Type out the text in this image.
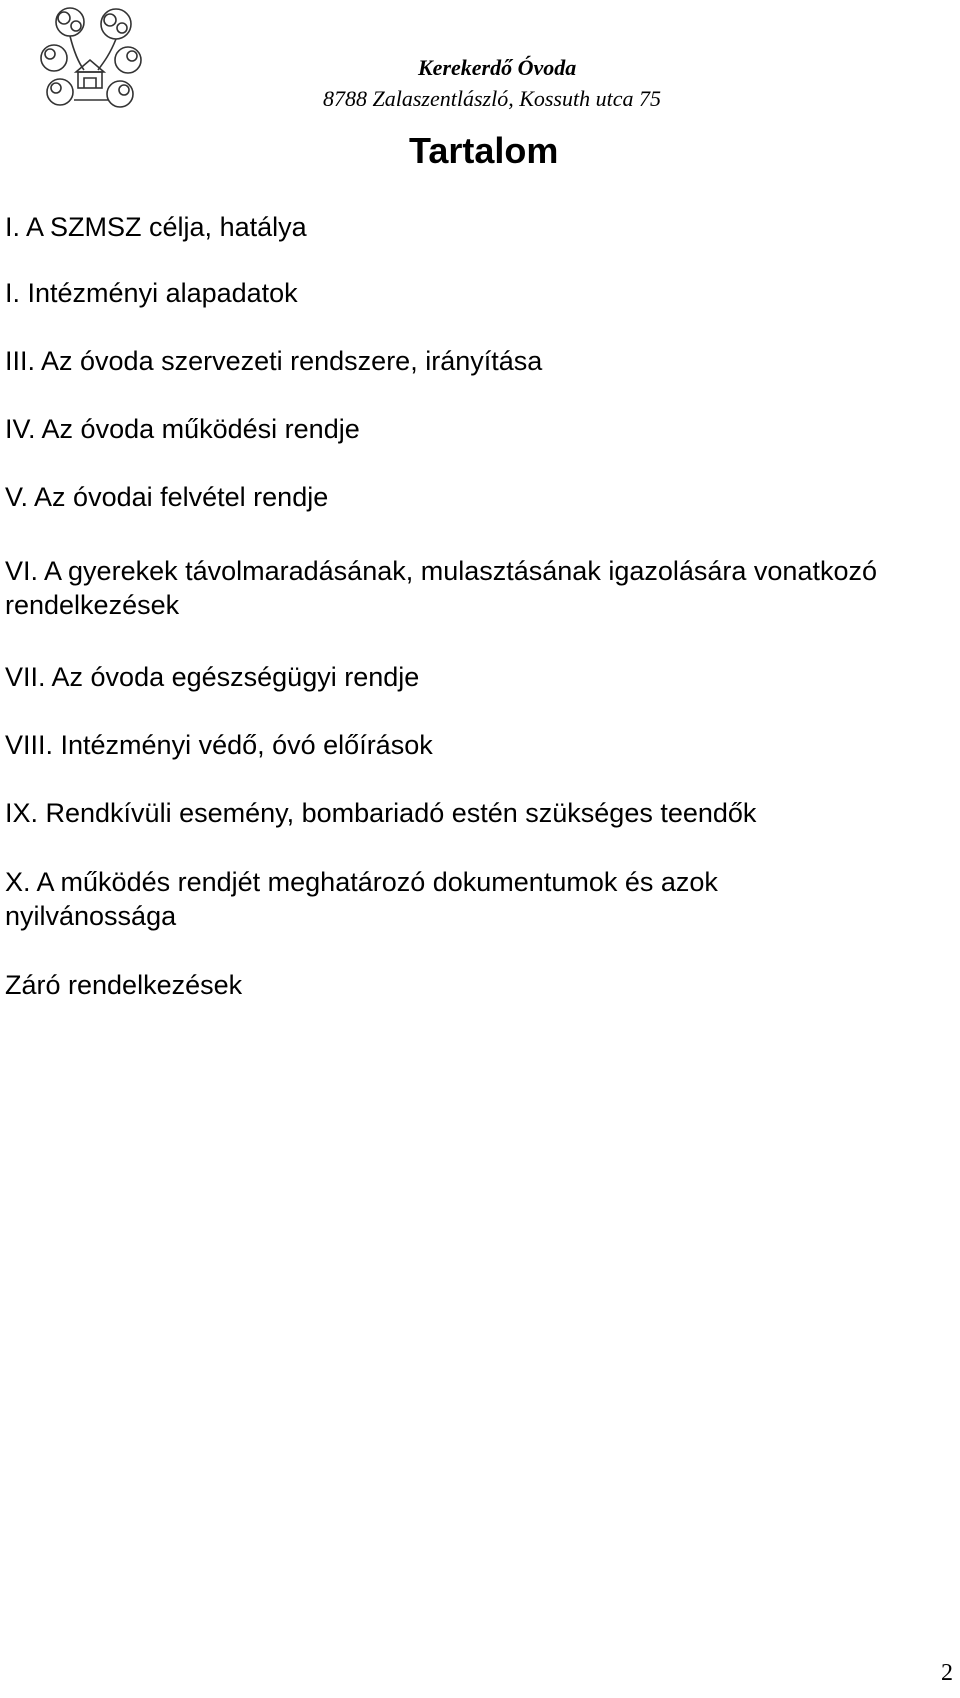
Kerekerdő Óvoda
8788 Zalaszentlászló, Kossuth utca 75
Tartalom
I. A SZMSZ célja, hatálya
I. Intézményi alapadatok
III. Az óvoda szervezeti rendszere, irányítása
IV. Az óvoda működési rendje
V. Az óvodai felvétel rendje
VI. A gyerekek távolmaradásának, mulasztásának igazolására vonatkozó rendelkezések
VII. Az óvoda egészségügyi rendje
VIII. Intézményi védő, óvó előírások
IX. Rendkívüli esemény, bombariadó estén szükséges teendők
X. A működés rendjét meghatározó dokumentumok és azok nyilvánossága
Záró rendelkezések
2
